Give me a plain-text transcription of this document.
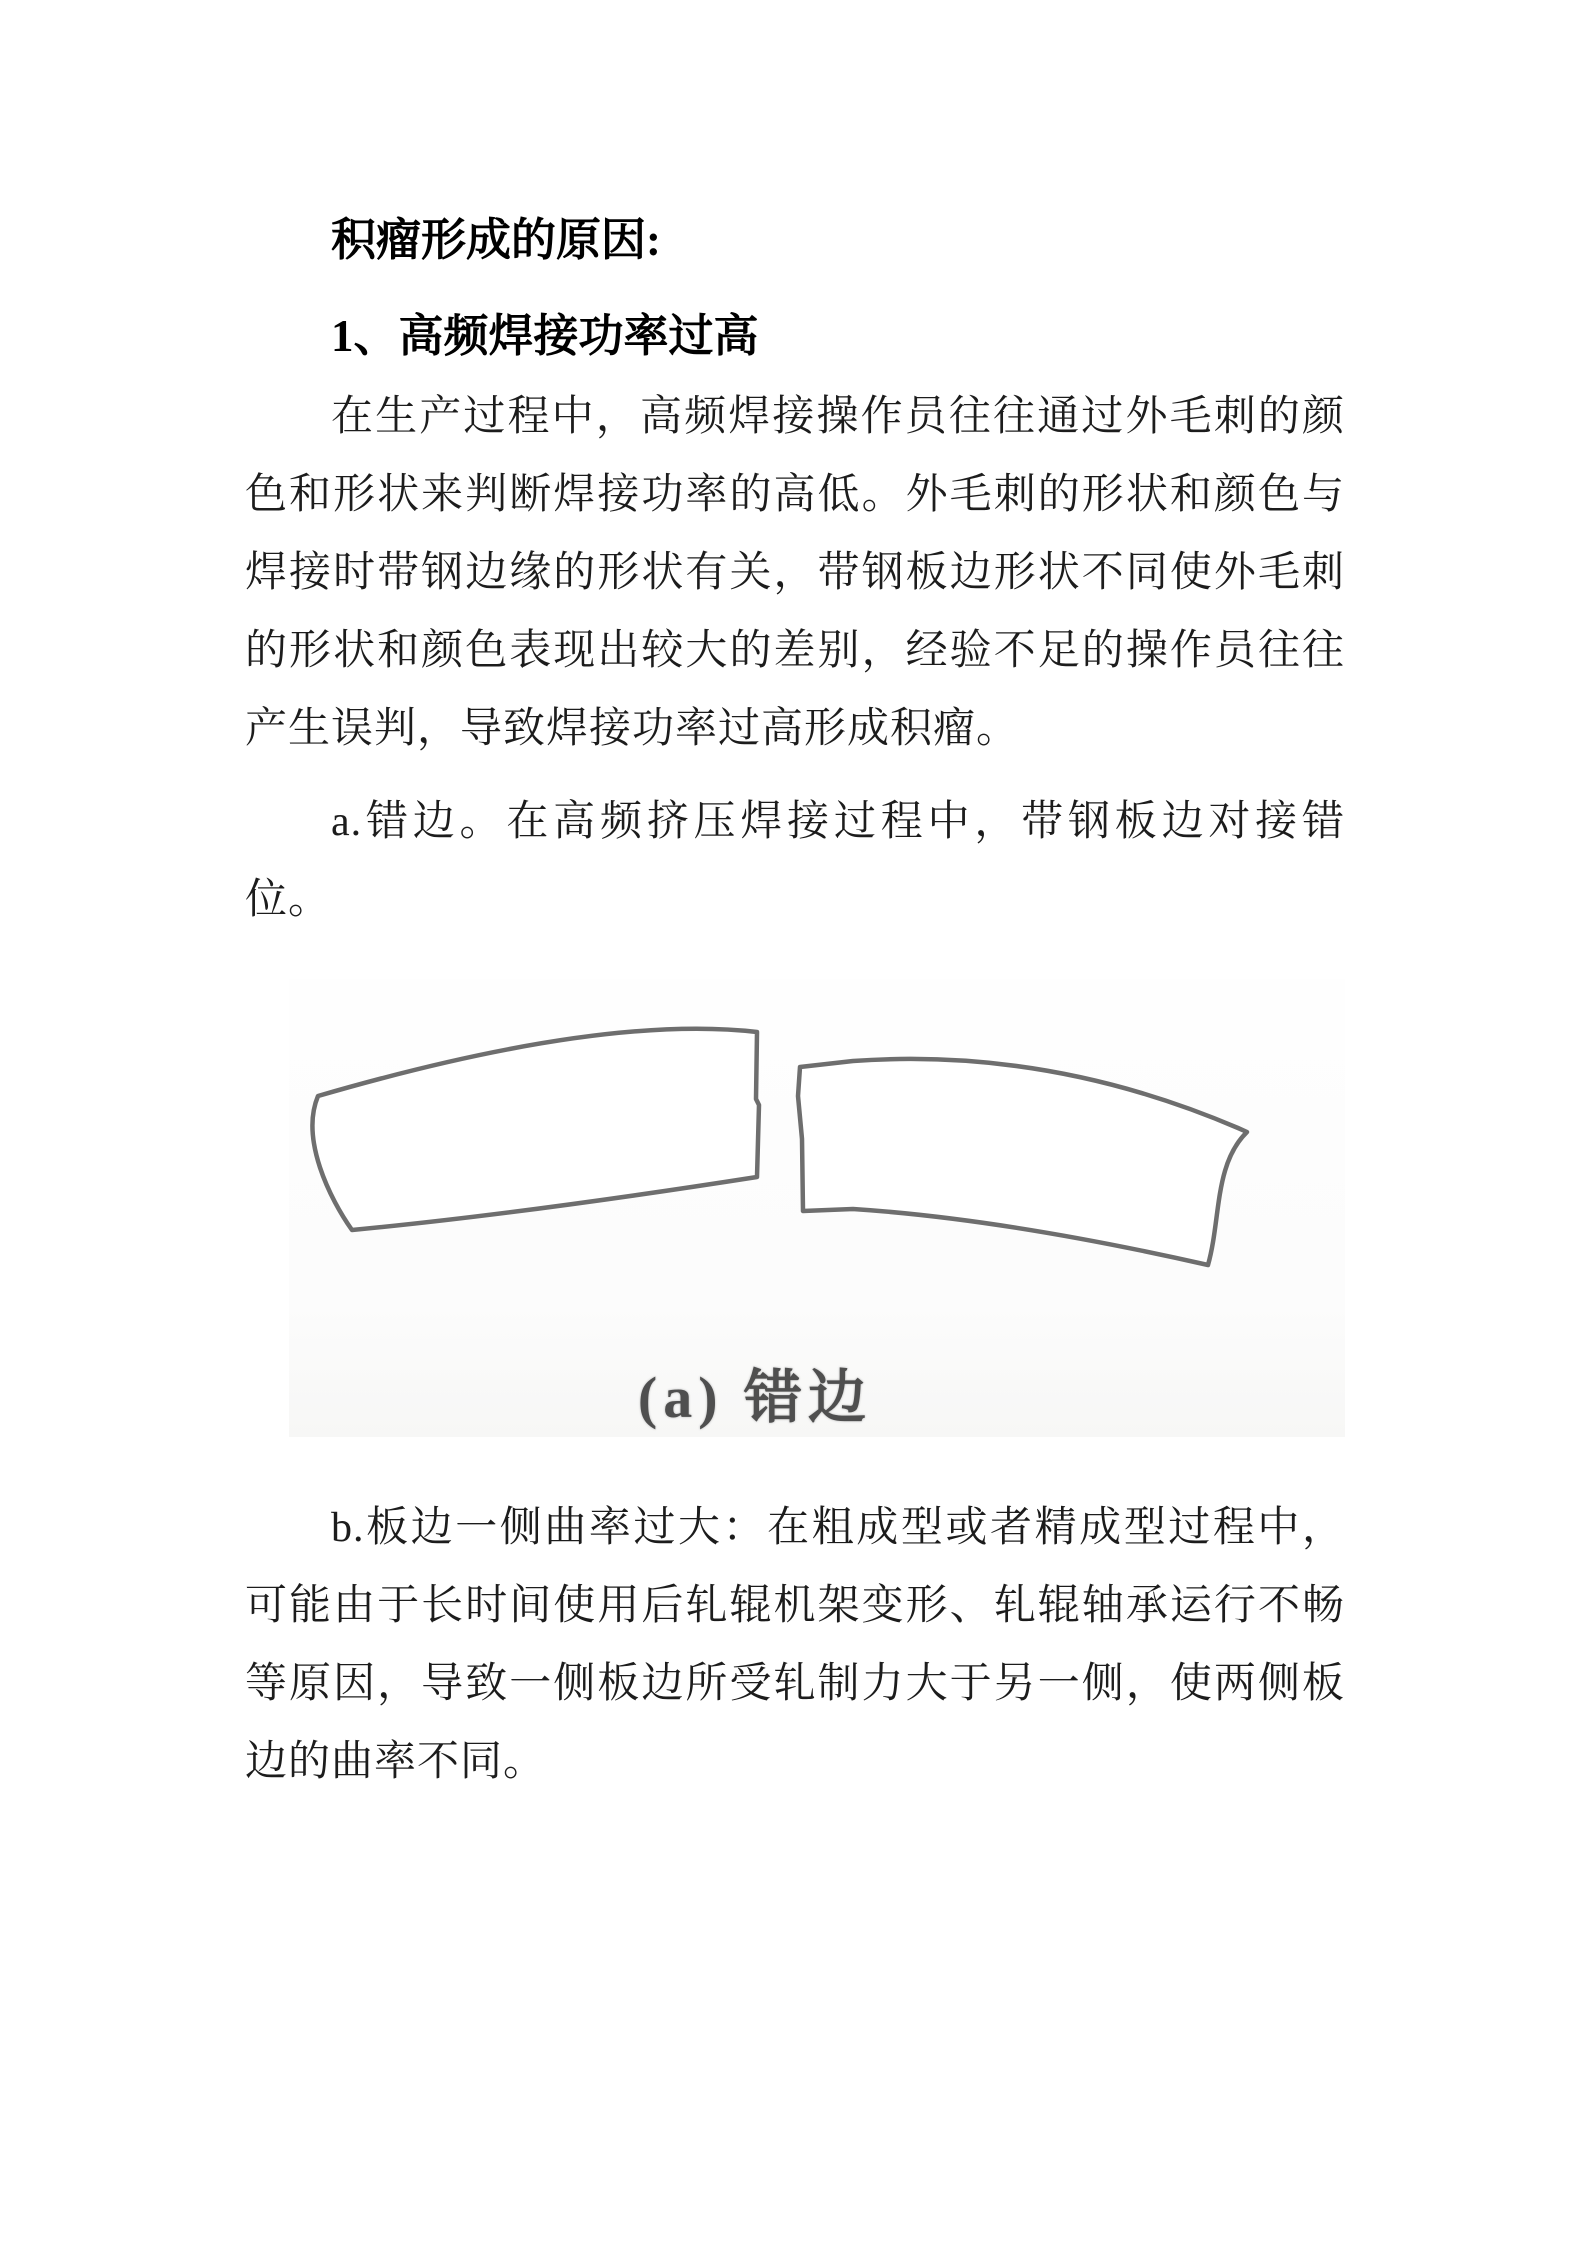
积瘤形成的原因:

1、高频焊接功率过高

在生产过程中，高频焊接操作员往往通过外毛刺的颜色和形状来判断焊接功率的高低。外毛刺的形状和颜色与焊接时带钢边缘的形状有关，带钢板边形状不同使外毛刺的形状和颜色表现出较大的差别，经验不足的操作员往往产生误判，导致焊接功率过高形成积瘤。

a.错边。在高频挤压焊接过程中，带钢板边对接错位。

(a) 错边

b.板边一侧曲率过大：在粗成型或者精成型过程中，可能由于长时间使用后轧辊机架变形、轧辊轴承运行不畅等原因，导致一侧板边所受轧制力大于另一侧，使两侧板边的曲率不同。
